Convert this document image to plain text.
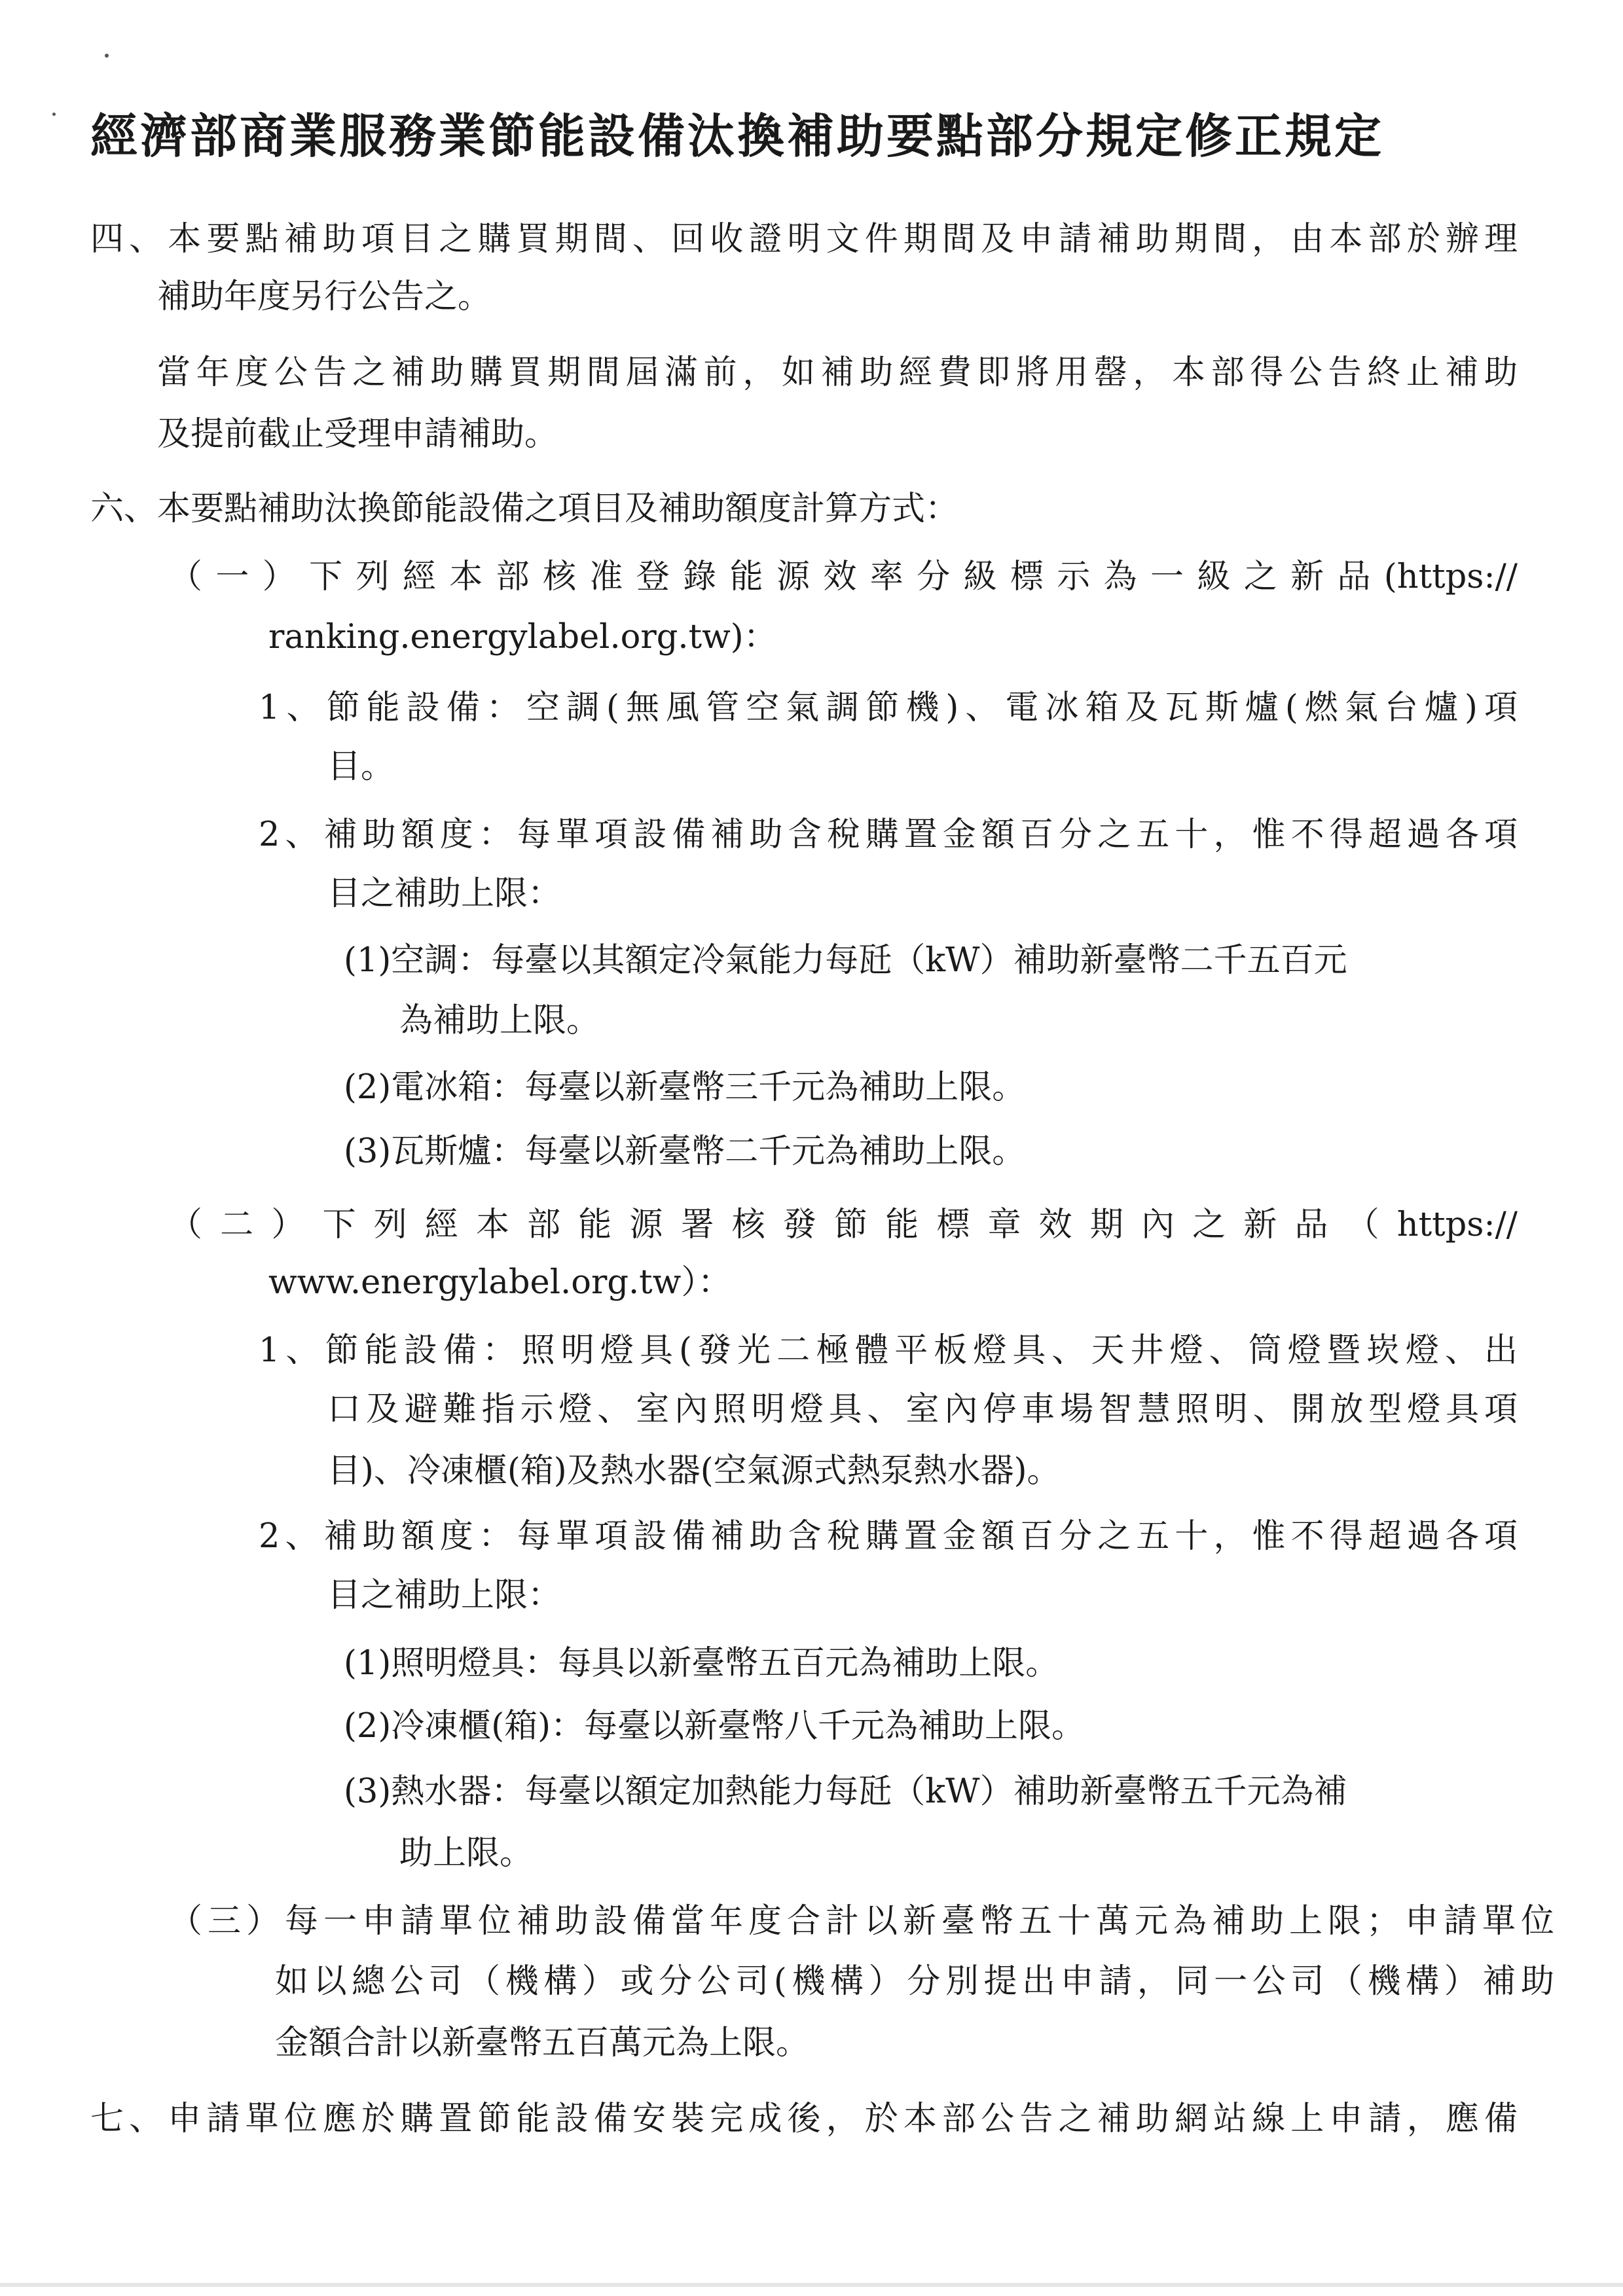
經濟部商業服務業節能設備汰換補助要點部分規定修正規定
四、本要點補助項目之購買期間、回收證明文件期間及申請補助期間，由本部於辦理
補助年度另行公告之。
當年度公告之補助購買期間屆滿前，如補助經費即將用罄，本部得公告終止補助
及提前截止受理申請補助。
六、本要點補助汰換節能設備之項目及補助額度計算方式：
（一）下列經本部核准登錄能源效率分級標示為一級之新品(https://
ranking.energylabel.org.tw)：
1、節能設備：空調(無風管空氣調節機)、電冰箱及瓦斯爐(燃氣台爐)項
目。
2、補助額度：每單項設備補助含稅購置金額百分之五十，惟不得超過各項
目之補助上限：
(1)空調：每臺以其額定冷氣能力每瓩（kW）補助新臺幣二千五百元
為補助上限。
(2)電冰箱：每臺以新臺幣三千元為補助上限。
(3)瓦斯爐：每臺以新臺幣二千元為補助上限。
（二）下列經本部能源署核發節能標章效期內之新品（https://
www.energylabel.org.tw）：
1、節能設備：照明燈具(發光二極體平板燈具、天井燈、筒燈暨崁燈、出
口及避難指示燈、室內照明燈具、室內停車場智慧照明、開放型燈具項
目)、冷凍櫃(箱)及熱水器(空氣源式熱泵熱水器)。
2、補助額度：每單項設備補助含稅購置金額百分之五十，惟不得超過各項
目之補助上限：
(1)照明燈具：每具以新臺幣五百元為補助上限。
(2)冷凍櫃(箱)：每臺以新臺幣八千元為補助上限。
(3)熱水器：每臺以額定加熱能力每瓩（kW）補助新臺幣五千元為補
助上限。
（三）每一申請單位補助設備當年度合計以新臺幣五十萬元為補助上限；申請單位
如以總公司（機構）或分公司(機構）分別提出申請，同一公司（機構）補助
金額合計以新臺幣五百萬元為上限。
七、申請單位應於購置節能設備安裝完成後，於本部公告之補助網站線上申請，應備
